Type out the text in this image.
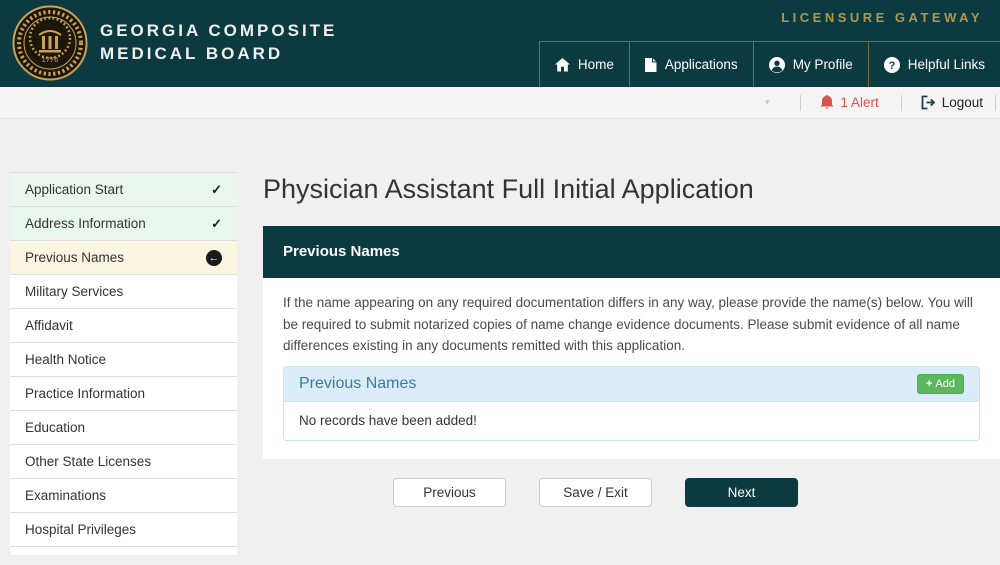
1776
GEORGIA COMPOSITE
MEDICAL BOARD
LICENSURE GATEWAY
Home	Applications	My Profile	? Helpful Links
▾	1 Alert	Logout
Application Start	✓
Address Information	✓
Previous Names	←
Military Services
Affidavit
Health Notice
Practice Information
Education
Other State Licenses
Examinations
Hospital Privileges
Physician Assistant Full Initial Application
Previous Names

If the name appearing on any required documentation differs in any way, please provide the name(s) below. You will be required to submit notarized copies of name change evidence documents. Please submit evidence of all name differences existing in any documents remitted with this application.

Previous Names	+ Add
No records have been added!
Previous	Save / Exit	Next
